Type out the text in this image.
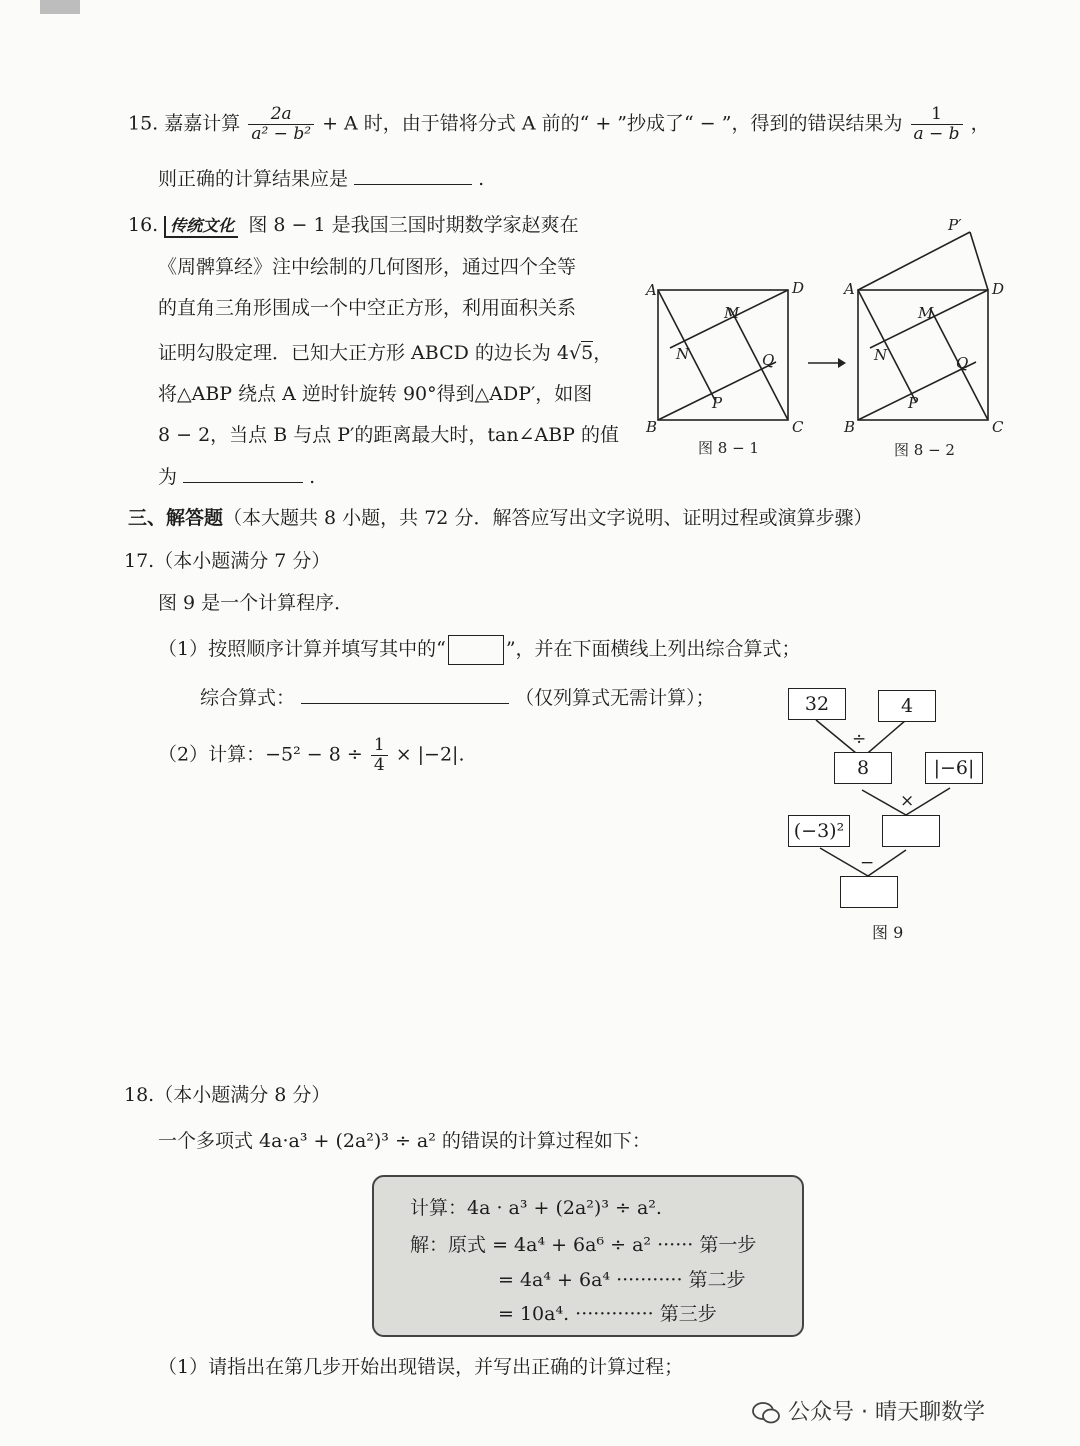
15. 嘉嘉计算 $\frac{2a}{\text{a² − b²}} + A$ 时，由于错将分式 A 前的“ + ”抄成了“ − ”，得到的错误结果为 $\frac{1}{a - b}$ ，
则正确的计算结果应是	.
16. 传统文化 图 8 − 1 是我国三国时期数学家赵爽在
《周髀算经》注中绘制的几何图形，通过四个全等
的直角三角形围成一个中空正方形，利用面积关系
证明勾股定理．已知大正方形 ABCD 的边长为 4√5，
将△ABP 绕点 A 逆时针旋转 90°得到△ADP′，如图
8 − 2，当点 B 与点 P′的距离最大时，tan∠ABP 的值
为	.
A	D
B	C
M
N	Q
P
图 8 − 1
A	D
B	C
M
N	Q
P
P′
图 8 − 2
三、解答题（本大题共 8 小题，共 72 分．解答应写出文字说明、证明过程或演算步骤）
17.（本小题满分 7 分）
图 9 是一个计算程序．
（1）按照顺序计算并填写其中的“	”，并在下面横线上列出综合算式；
综合算式：	（仅列算式无需计算）；
（2）计算：$-5^2 - 8 \div \frac{1}{4} \times |-2|$.
32	4
÷
8	|−6|
×
(−3)²
−
图 9
18.（本小题满分 8 分）
一个多项式 4a·a³ + (2a²)³ ÷ a² 的错误的计算过程如下：
计算：4a · a³ + (2a²)³ ÷ a².
解：原式 = 4a⁴ + 6a⁶ ÷ a² ······ 第一步
= 4a⁴ + 6a⁴ ··········· 第二步
= 10a⁴. ············· 第三步
（1）请指出在第几步开始出现错误，并写出正确的计算过程；
公众号 · 晴天聊数学
